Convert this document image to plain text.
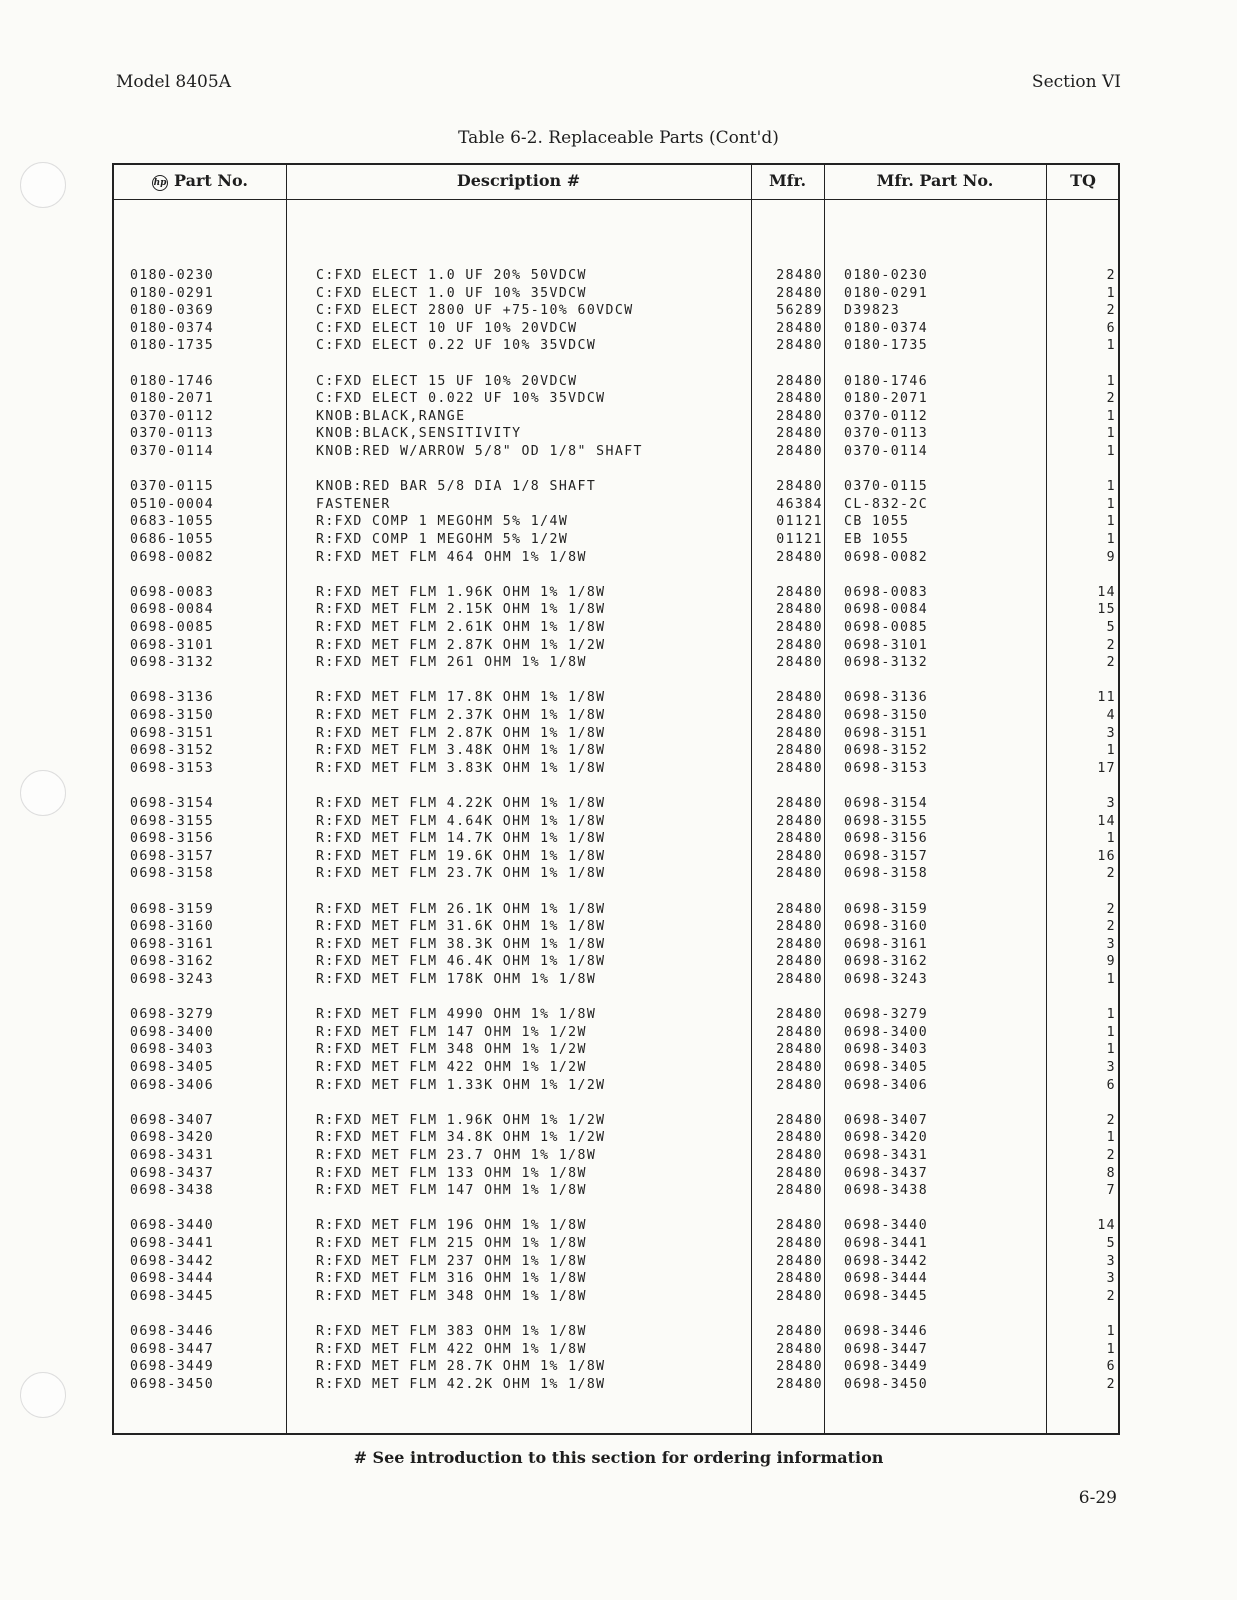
Model 8405A	Section VI
Table 6-2. Replaceable Parts (Cont'd)
hp Part No.	Description #	Mfr.	Mfr. Part No.	TQ
0180-0230	C:FXD ELECT 1.0 UF 20% 50VDCW	28480 0180-0230	2
0180-0291	C:FXD ELECT 1.0 UF 10% 35VDCW	28480 0180-0291	1
0180-0369	C:FXD ELECT 2800 UF +75-10% 60VDCW	56289 D39823	2
0180-0374	C:FXD ELECT 10 UF 10% 20VDCW	28480 0180-0374	6
0180-1735	C:FXD ELECT 0.22 UF 10% 35VDCW	28480 0180-1735	1
0180-1746	C:FXD ELECT 15 UF 10% 20VDCW	28480 0180-1746	1
0180-2071	C:FXD ELECT 0.022 UF 10% 35VDCW	28480 0180-2071	2
0370-0112	KNOB:BLACK,RANGE	28480 0370-0112	1
0370-0113	KNOB:BLACK,SENSITIVITY	28480 0370-0113	1
0370-0114	KNOB:RED W/ARROW 5/8" OD 1/8" SHAFT	28480 0370-0114	1
0370-0115	KNOB:RED BAR 5/8 DIA 1/8 SHAFT	28480 0370-0115	1
0510-0004	FASTENER	46384 CL-832-2C	1
0683-1055	R:FXD COMP 1 MEGOHM 5% 1/4W	01121 CB 1055	1
0686-1055	R:FXD COMP 1 MEGOHM 5% 1/2W	01121 EB 1055	1
0698-0082	R:FXD MET FLM 464 OHM 1% 1/8W	28480 0698-0082	9
0698-0083	R:FXD MET FLM 1.96K OHM 1% 1/8W	28480 0698-0083	14
0698-0084	R:FXD MET FLM 2.15K OHM 1% 1/8W	28480 0698-0084	15
0698-0085	R:FXD MET FLM 2.61K OHM 1% 1/8W	28480 0698-0085	5
0698-3101	R:FXD MET FLM 2.87K OHM 1% 1/2W	28480 0698-3101	2
0698-3132	R:FXD MET FLM 261 OHM 1% 1/8W	28480 0698-3132	2
0698-3136	R:FXD MET FLM 17.8K OHM 1% 1/8W	28480 0698-3136	11
0698-3150	R:FXD MET FLM 2.37K OHM 1% 1/8W	28480 0698-3150	4
0698-3151	R:FXD MET FLM 2.87K OHM 1% 1/8W	28480 0698-3151	3
0698-3152	R:FXD MET FLM 3.48K OHM 1% 1/8W	28480 0698-3152	1
0698-3153	R:FXD MET FLM 3.83K OHM 1% 1/8W	28480 0698-3153	17
0698-3154	R:FXD MET FLM 4.22K OHM 1% 1/8W	28480 0698-3154	3
0698-3155	R:FXD MET FLM 4.64K OHM 1% 1/8W	28480 0698-3155	14
0698-3156	R:FXD MET FLM 14.7K OHM 1% 1/8W	28480 0698-3156	1
0698-3157	R:FXD MET FLM 19.6K OHM 1% 1/8W	28480 0698-3157	16
0698-3158	R:FXD MET FLM 23.7K OHM 1% 1/8W	28480 0698-3158	2
0698-3159	R:FXD MET FLM 26.1K OHM 1% 1/8W	28480 0698-3159	2
0698-3160	R:FXD MET FLM 31.6K OHM 1% 1/8W	28480 0698-3160	2
0698-3161	R:FXD MET FLM 38.3K OHM 1% 1/8W	28480 0698-3161	3
0698-3162	R:FXD MET FLM 46.4K OHM 1% 1/8W	28480 0698-3162	9
0698-3243	R:FXD MET FLM 178K OHM 1% 1/8W	28480 0698-3243	1
0698-3279	R:FXD MET FLM 4990 OHM 1% 1/8W	28480 0698-3279	1
0698-3400	R:FXD MET FLM 147 OHM 1% 1/2W	28480 0698-3400	1
0698-3403	R:FXD MET FLM 348 OHM 1% 1/2W	28480 0698-3403	1
0698-3405	R:FXD MET FLM 422 OHM 1% 1/2W	28480 0698-3405	3
0698-3406	R:FXD MET FLM 1.33K OHM 1% 1/2W	28480 0698-3406	6
0698-3407	R:FXD MET FLM 1.96K OHM 1% 1/2W	28480 0698-3407	2
0698-3420	R:FXD MET FLM 34.8K OHM 1% 1/2W	28480 0698-3420	1
0698-3431	R:FXD MET FLM 23.7 OHM 1% 1/8W	28480 0698-3431	2
0698-3437	R:FXD MET FLM 133 OHM 1% 1/8W	28480 0698-3437	8
0698-3438	R:FXD MET FLM 147 OHM 1% 1/8W	28480 0698-3438	7
0698-3440	R:FXD MET FLM 196 OHM 1% 1/8W	28480 0698-3440	14
0698-3441	R:FXD MET FLM 215 OHM 1% 1/8W	28480 0698-3441	5
0698-3442	R:FXD MET FLM 237 OHM 1% 1/8W	28480 0698-3442	3
0698-3444	R:FXD MET FLM 316 OHM 1% 1/8W	28480 0698-3444	3
0698-3445	R:FXD MET FLM 348 OHM 1% 1/8W	28480 0698-3445	2
0698-3446	R:FXD MET FLM 383 OHM 1% 1/8W	28480 0698-3446	1
0698-3447	R:FXD MET FLM 422 OHM 1% 1/8W	28480 0698-3447	1
0698-3449	R:FXD MET FLM 28.7K OHM 1% 1/8W	28480 0698-3449	6
0698-3450	R:FXD MET FLM 42.2K OHM 1% 1/8W	28480 0698-3450	2
# See introduction to this section for ordering information
6-29
